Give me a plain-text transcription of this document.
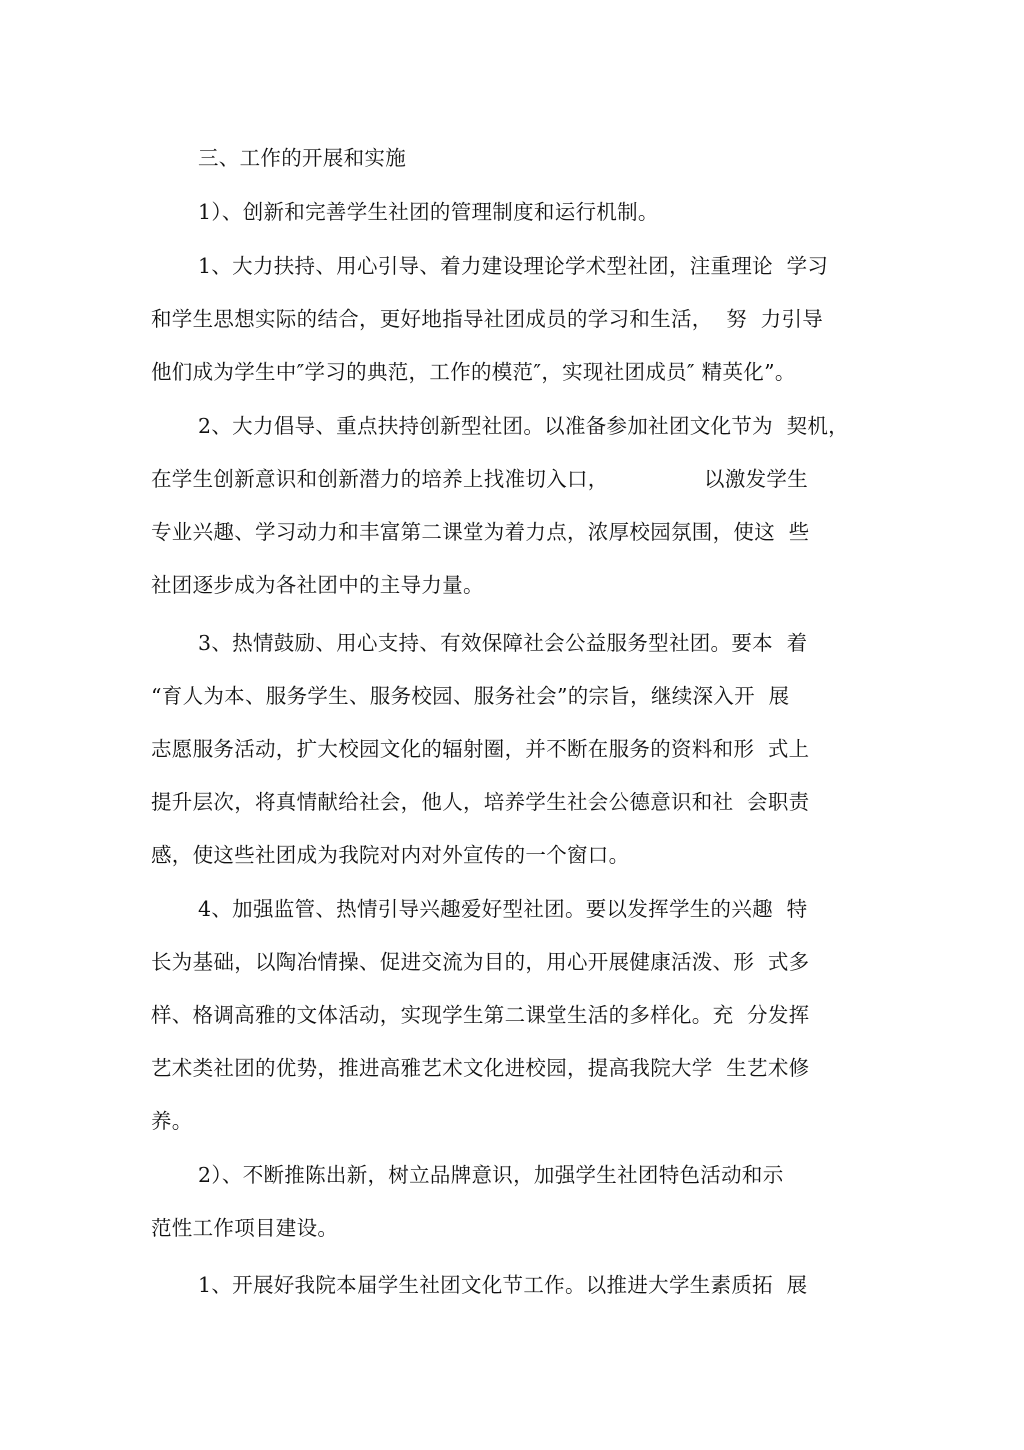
三、工作的开展和实施
1）、创新和完善学生社团的管理制度和运行机制。
1、大力扶持、用心引导、着力建设理论学术型社团，注重理论  学习
和学生思想实际的结合，更好地指导社团成员的学习和生活，  努  力引导
他们成为学生中″学习的典范，工作的模范″，实现社团成员″ 精英化”。
2、大力倡导、重点扶持创新型社团。以准备参加社团文化节为  契机，
在学生创新意识和创新潜力的培养上找准切入口，              以激发学生
专业兴趣、学习动力和丰富第二课堂为着力点，浓厚校园氛围，使这  些
社团逐步成为各社团中的主导力量。
3、热情鼓励、用心支持、有效保障社会公益服务型社团。要本  着
“育人为本、服务学生、服务校园、服务社会”的宗旨，继续深入开  展
志愿服务活动，扩大校园文化的辐射圈，并不断在服务的资料和形  式上
提升层次，将真情献给社会，他人，培养学生社会公德意识和社  会职责
感，使这些社团成为我院对内对外宣传的一个窗口。
4、加强监管、热情引导兴趣爱好型社团。要以发挥学生的兴趣  特
长为基础，以陶冶情操、促进交流为目的，用心开展健康活泼、形  式多
样、格调高雅的文体活动，实现学生第二课堂生活的多样化。充  分发挥
艺术类社团的优势，推进高雅艺术文化进校园，提高我院大学  生艺术修
养。
2）、不断推陈出新，树立品牌意识，加强学生社团特色活动和示
范性工作项目建设。
1、开展好我院本届学生社团文化节工作。以推进大学生素质拓  展
